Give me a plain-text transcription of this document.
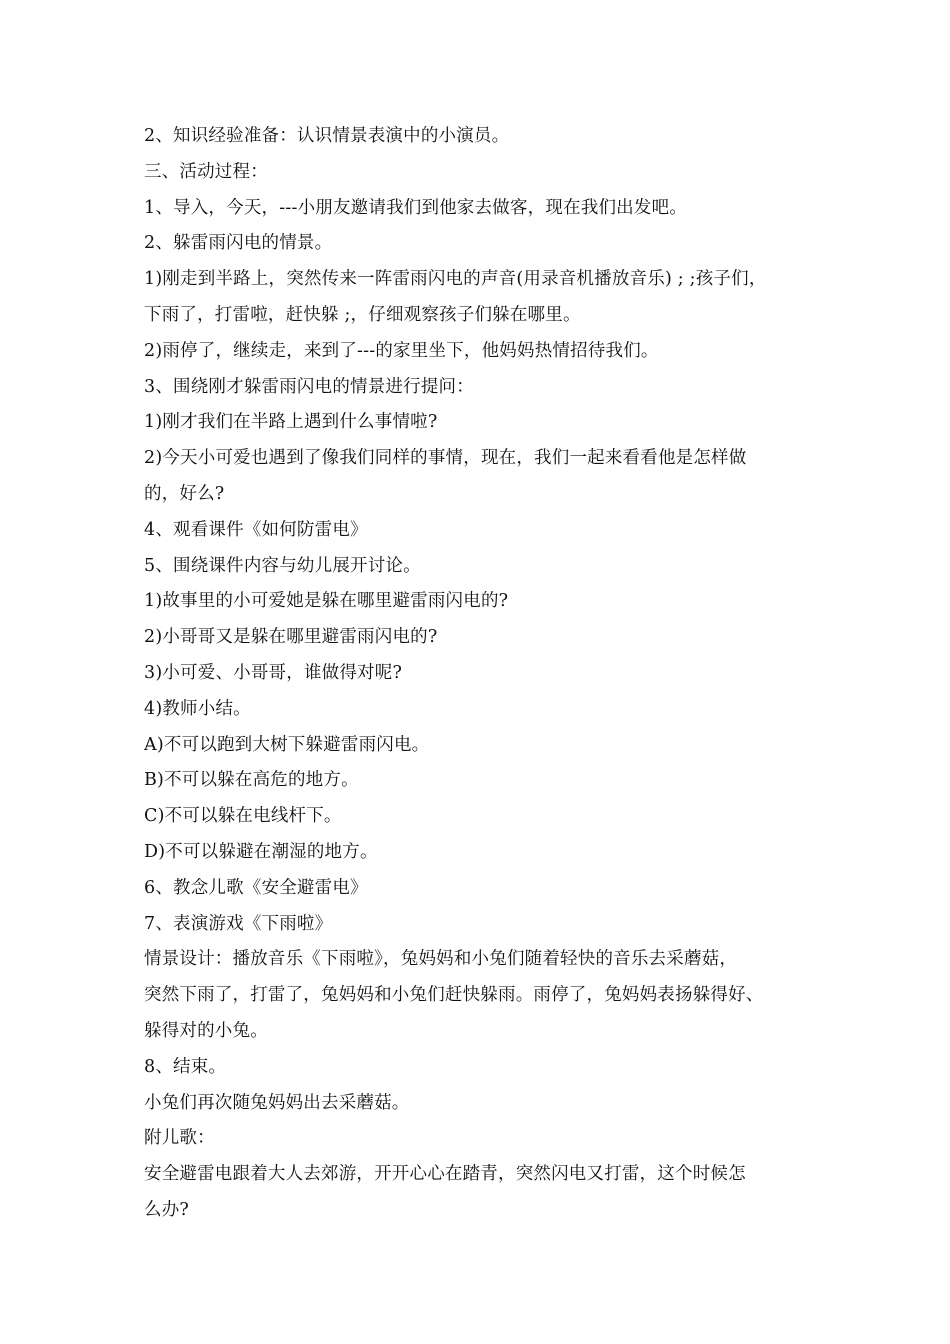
2、知识经验准备：认识情景表演中的小演员。
三、活动过程：
1、导入，今天，---小朋友邀请我们到他家去做客，现在我们出发吧。
2、躲雷雨闪电的情景。
1)刚走到半路上，突然传来一阵雷雨闪电的声音(用录音机播放音乐) ; ;孩子们，
下雨了，打雷啦，赶快躲 ;，仔细观察孩子们躲在哪里。
2)雨停了，继续走，来到了---的家里坐下，他妈妈热情招待我们。
3、围绕刚才躲雷雨闪电的情景进行提问：
1)刚才我们在半路上遇到什么事情啦?
2)今天小可爱也遇到了像我们同样的事情，现在，我们一起来看看他是怎样做
的，好么?
4、观看课件《如何防雷电》
5、围绕课件内容与幼儿展开讨论。
1)故事里的小可爱她是躲在哪里避雷雨闪电的?
2)小哥哥又是躲在哪里避雷雨闪电的?
3)小可爱、小哥哥，谁做得对呢?
4)教师小结。
A)不可以跑到大树下躲避雷雨闪电。
B)不可以躲在高危的地方。
C)不可以躲在电线杆下。
D)不可以躲避在潮湿的地方。
6、教念儿歌《安全避雷电》
7、表演游戏《下雨啦》
情景设计：播放音乐《下雨啦》，兔妈妈和小兔们随着轻快的音乐去采蘑菇，
突然下雨了，打雷了，兔妈妈和小兔们赶快躲雨。雨停了，兔妈妈表扬躲得好、
躲得对的小兔。
8、结束。
小兔们再次随兔妈妈出去采蘑菇。
附儿歌：
安全避雷电跟着大人去郊游，开开心心在踏青，突然闪电又打雷，这个时候怎
么办?
